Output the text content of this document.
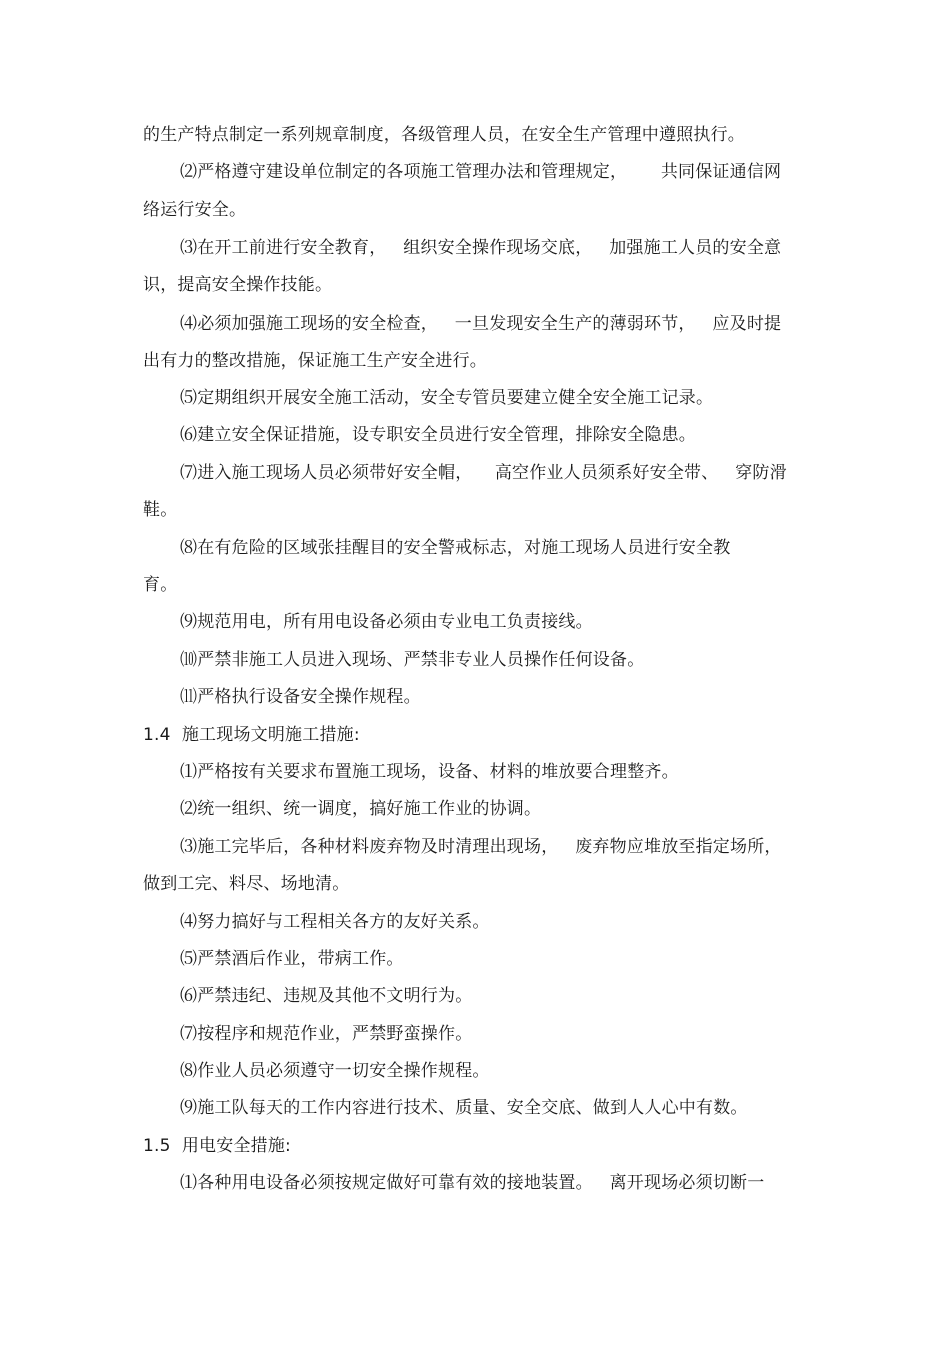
的生产特点制定一系列规章制度，各级管理人员，在安全生产管理中遵照执行。
⑵严格遵守建设单位制定的各项施工管理办法和管理规定，      共同保证通信网
络运行安全。
⑶在开工前进行安全教育，   组织安全操作现场交底，   加强施工人员的安全意
识，提高安全操作技能。
⑷必须加强施工现场的安全检查，   一旦发现安全生产的薄弱环节，   应及时提
出有力的整改措施，保证施工生产安全进行。
⑸定期组织开展安全施工活动，安全专管员要建立健全安全施工记录。
⑹建立安全保证措施，设专职安全员进行安全管理，排除安全隐患。
⑺进入施工现场人员必须带好安全帽，    高空作业人员须系好安全带、   穿防滑
鞋。
⑻在有危险的区域张挂醒目的安全警戒标志，对施工现场人员进行安全教
育。
⑼规范用电，所有用电设备必须由专业电工负责接线。
⑽严禁非施工人员进入现场、严禁非专业人员操作任何设备。
⑾严格执行设备安全操作规程。
1.4  施工现场文明施工措施:
⑴严格按有关要求布置施工现场，设备、材料的堆放要合理整齐。
⑵统一组织、统一调度，搞好施工作业的协调。
⑶施工完毕后，各种材料废弃物及时清理出现场，   废弃物应堆放至指定场所，
做到工完、料尽、场地清。
⑷努力搞好与工程相关各方的友好关系。
⑸严禁酒后作业，带病工作。
⑹严禁违纪、违规及其他不文明行为。
⑺按程序和规范作业，严禁野蛮操作。
⑻作业人员必须遵守一切安全操作规程。
⑼施工队每天的工作内容进行技术、质量、安全交底、做到人人心中有数。
1.5  用电安全措施:
⑴各种用电设备必须按规定做好可靠有效的接地装置。   离开现场必须切断一
